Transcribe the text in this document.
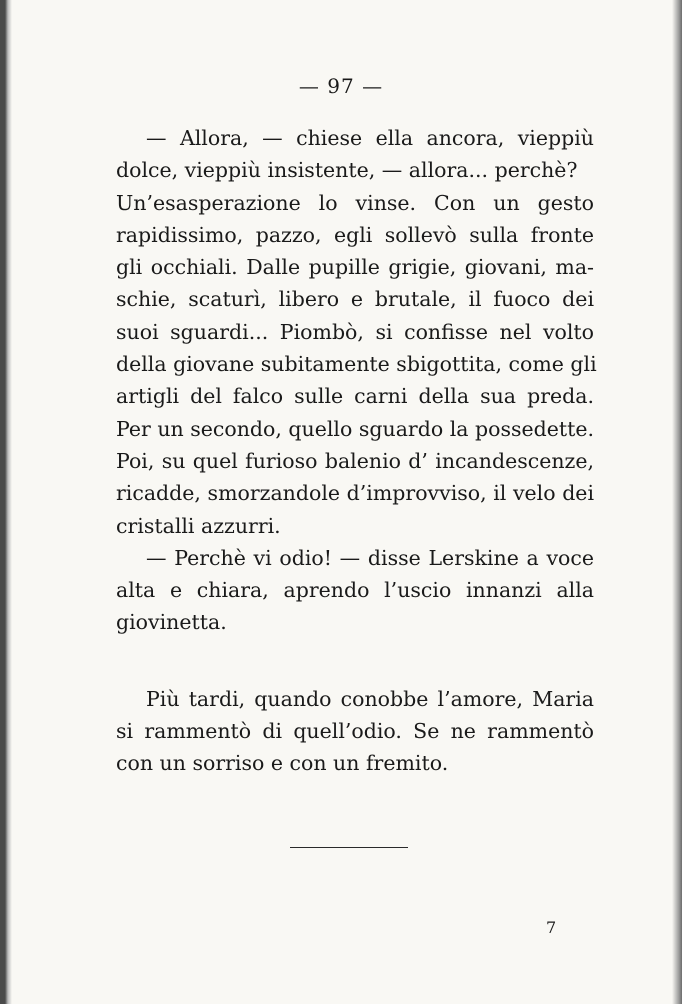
— 97 —
— Allora, — chiese ella ancora, vieppiù
dolce, vieppiù insistente, — allora... perchè?
Un’esasperazione lo vinse. Con un gesto
rapidissimo, pazzo, egli sollevò sulla fronte
gli occhiali. Dalle pupille grigie, giovani, ma-
schie, scaturì, libero e brutale, il fuoco dei
suoi sguardi... Piombò, si confisse nel volto
della giovane subitamente sbigottita, come gli
artigli del falco sulle carni della sua preda.
Per un secondo, quello sguardo la possedette.
Poi, su quel furioso balenio d’ incandescenze,
ricadde, smorzandole d’improvviso, il velo dei
cristalli azzurri.
— Perchè vi odio! — disse Lerskine a voce
alta e chiara, aprendo l’uscio innanzi alla
giovinetta.
Più tardi, quando conobbe l’amore, Maria
si rammentò di quell’odio. Se ne rammentò
con un sorriso e con un fremito.
7
